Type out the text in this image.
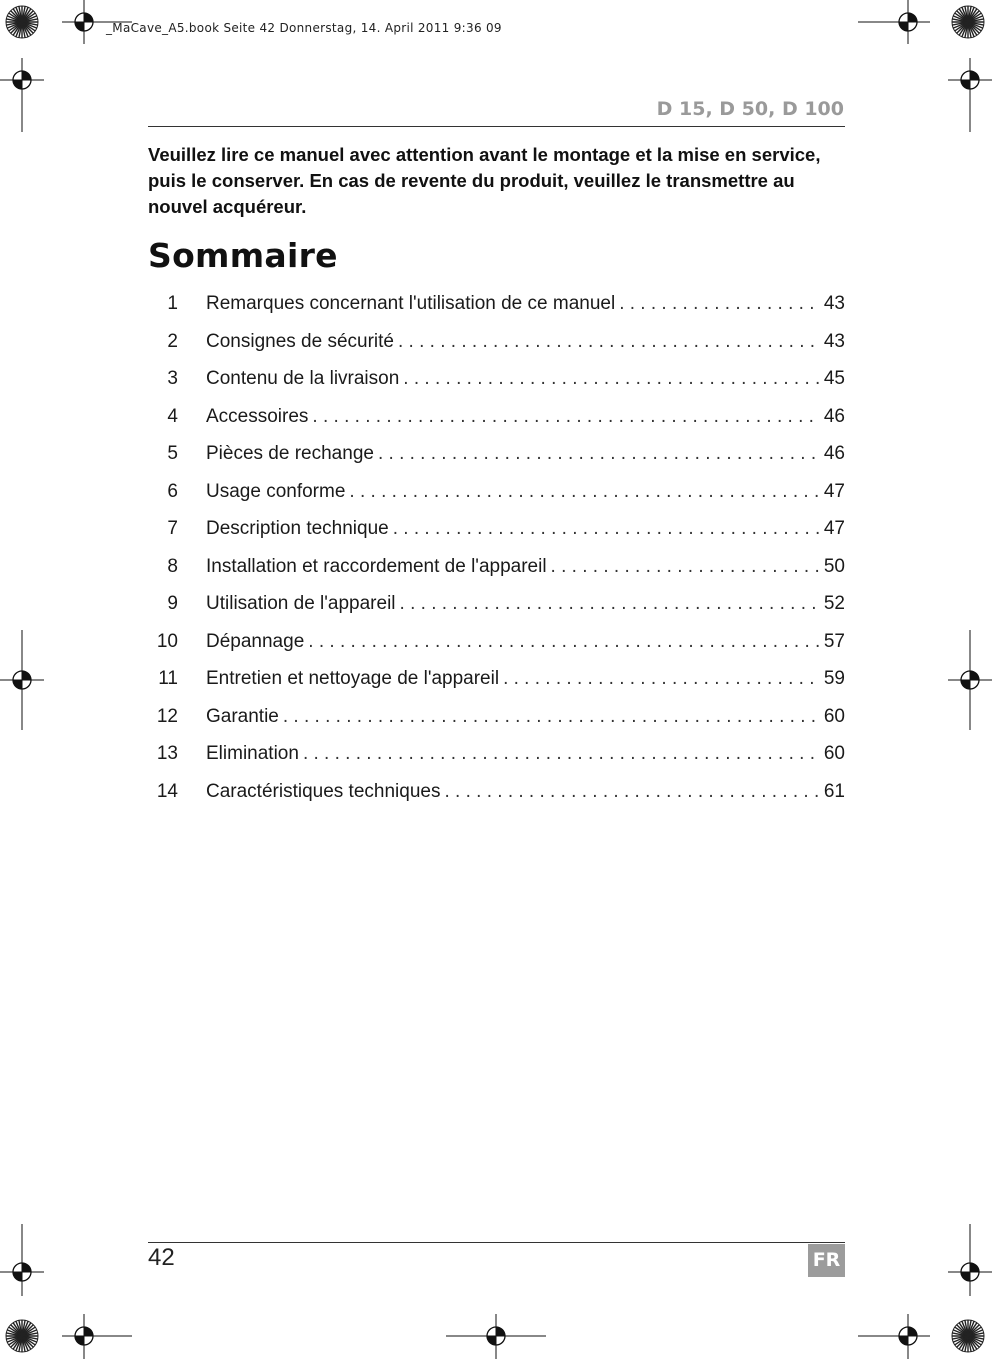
_MaCave_A5.book Seite 42 Donnerstag, 14. April 2011 9:36 09
D 15, D 50, D 100

Veuillez lire ce manuel avec attention avant le montage et la mise en service, puis le conserver. En cas de revente du produit, veuillez le transmettre au nouvel acquéreur.

Sommaire
1 Remarques concernant l'utilisation de ce manuel . . .	43
2 Consignes de sécurité . . .	43
3 Contenu de la livraison . . .	45
4 Accessoires . . .	46
5 Pièces de rechange . . .	46
6 Usage conforme . . .	47
7 Description technique . . .	47
8 Installation et raccordement de l'appareil . . .	50
9 Utilisation de l'appareil . . .	52
10 Dépannage . . .	57
11 Entretien et nettoyage de l'appareil . . .	59
12 Garantie . . .	60
13 Elimination . . .	60
14 Caractéristiques techniques . . .	61
42	FR
